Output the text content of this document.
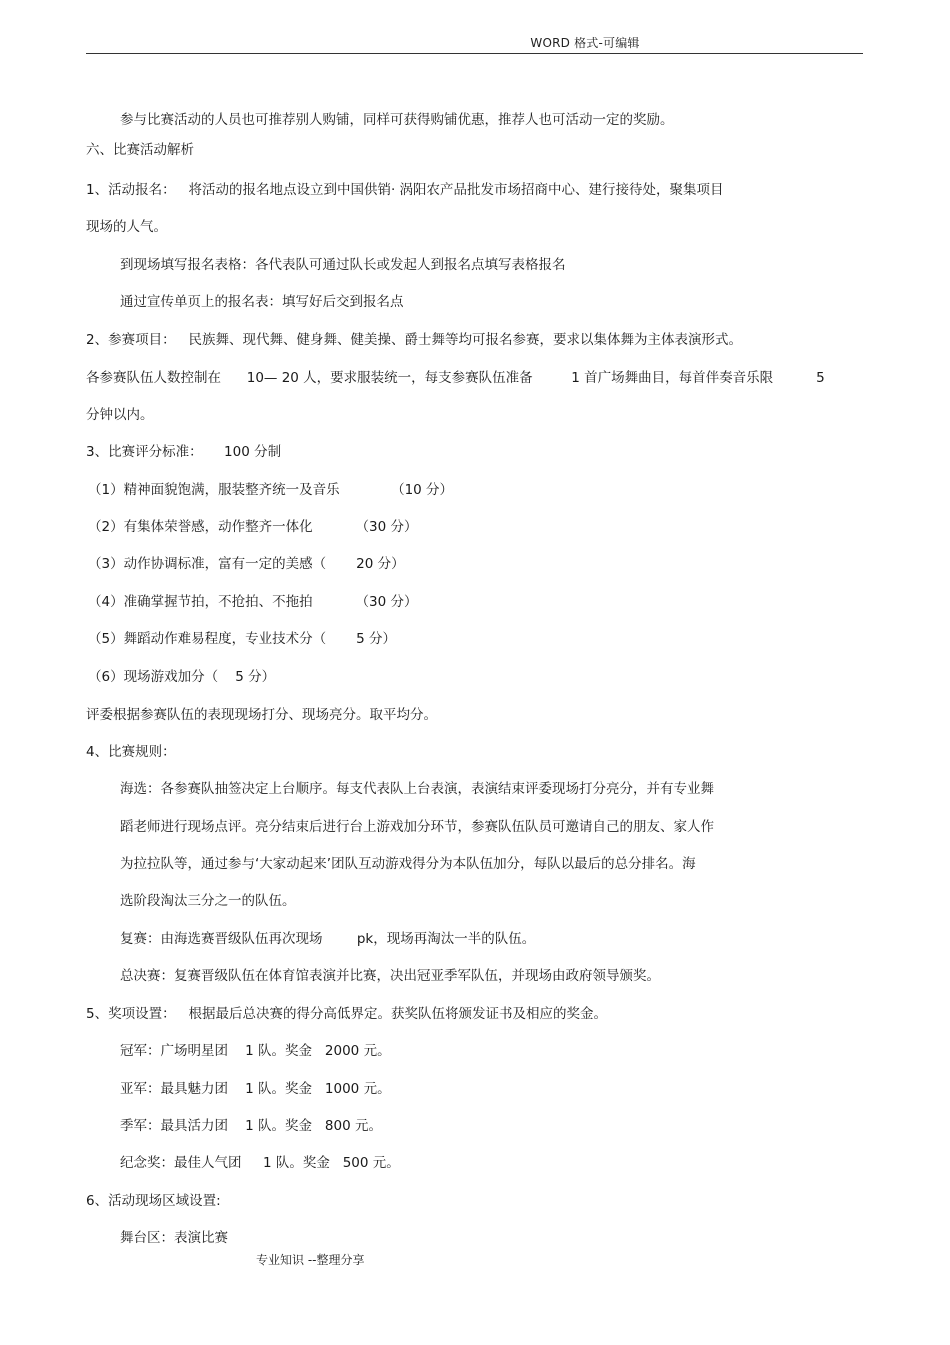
WORD 格式-可编辑
参与比赛活动的人员也可推荐别人购铺，同样可获得购铺优惠，推荐人也可活动一定的奖励。
六、比赛活动解析
1、活动报名：   将活动的报名地点设立到中国供销· 涡阳农产品批发市场招商中心、建行接待处，聚集项目
现场的人气。
到现场填写报名表格：各代表队可通过队长或发起人到报名点填写表格报名
通过宣传单页上的报名表：填写好后交到报名点
2、参赛项目：   民族舞、现代舞、健身舞、健美操、爵士舞等均可报名参赛，要求以集体舞为主体表演形式。
各参赛队伍人数控制在      10— 20 人，要求服装统一，每支参赛队伍准备         1 首广场舞曲目，每首伴奏音乐限          5
分钟以内。
3、比赛评分标准：     100 分制
（1）精神面貌饱满，服装整齐统一及音乐            （10 分）
（2）有集体荣誉感，动作整齐一体化          （30 分）
（3）动作协调标准，富有一定的美感（       20 分）
（4）准确掌握节拍，不抢拍、不拖拍          （30 分）
（5）舞蹈动作难易程度，专业技术分（       5 分）
（6）现场游戏加分（    5 分）
评委根据参赛队伍的表现现场打分、现场亮分。取平均分。
4、比赛规则：
海选：各参赛队抽签决定上台顺序。每支代表队上台表演，表演结束评委现场打分亮分，并有专业舞
蹈老师进行现场点评。亮分结束后进行台上游戏加分环节，参赛队伍队员可邀请自己的朋友、家人作
为拉拉队等，通过参与‘大家动起来’团队互动游戏得分为本队伍加分，每队以最后的总分排名。海
选阶段淘汰三分之一的队伍。
复赛：由海选赛晋级队伍再次现场        pk，现场再淘汰一半的队伍。
总决赛：复赛晋级队伍在体育馆表演并比赛，决出冠亚季军队伍，并现场由政府领导颁奖。
5、奖项设置：   根据最后总决赛的得分高低界定。获奖队伍将颁发证书及相应的奖金。
冠军：广场明星团    1 队。奖金   2000 元。
亚军：最具魅力团    1 队。奖金   1000 元。
季军：最具活力团    1 队。奖金   800 元。
纪念奖：最佳人气团     1 队。奖金   500 元。
6、活动现场区域设置:
舞台区：表演比赛
专业知识 --整理分享
